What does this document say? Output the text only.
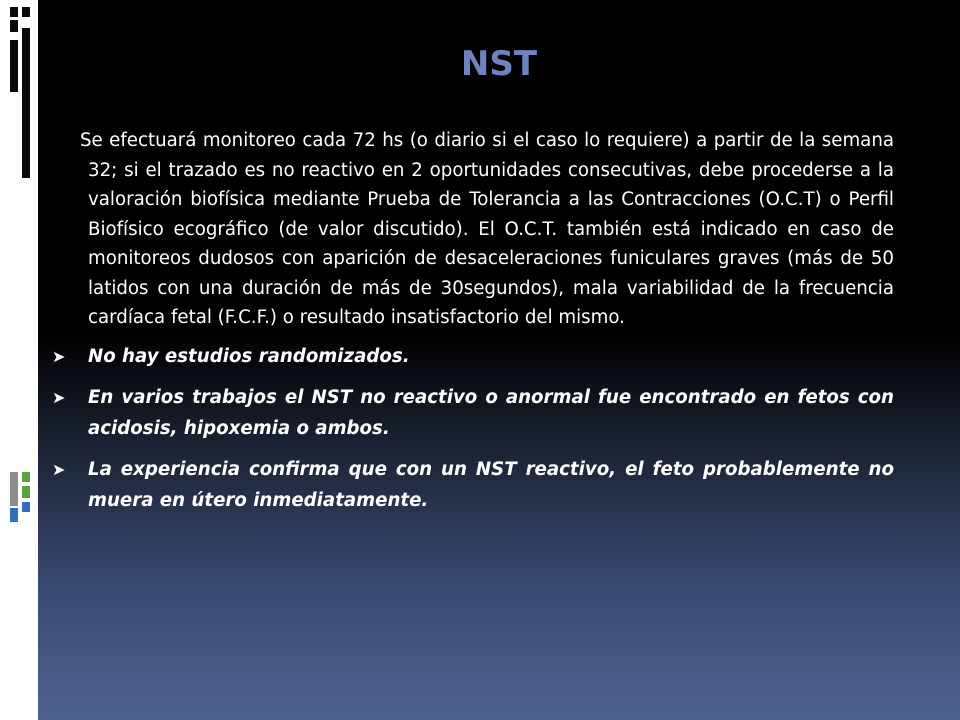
NST

Se efectuará monitoreo cada 72 hs (o diario si el caso lo requiere) a partir de la semana 32; si el trazado es no reactivo en 2 oportunidades consecutivas, debe procederse a la valoración biofísica mediante Prueba de Tolerancia a las Contracciones (O.C.T) o Perfil Biofísico ecográfico (de valor discutido). El O.C.T. también está indicado en caso de monitoreos dudosos con aparición de desaceleraciones funiculares graves (más de 50 latidos con una duración de más de 30segundos), mala variabilidad de la frecuencia cardíaca fetal (F.C.F.) o resultado insatisfactorio del mismo.

➤ No hay estudios randomizados.
➤ En varios trabajos el NST no reactivo o anormal fue encontrado en fetos con acidosis, hipoxemia o ambos.
➤ La experiencia confirma que con un NST reactivo, el feto probablemente no muera en útero inmediatamente.
